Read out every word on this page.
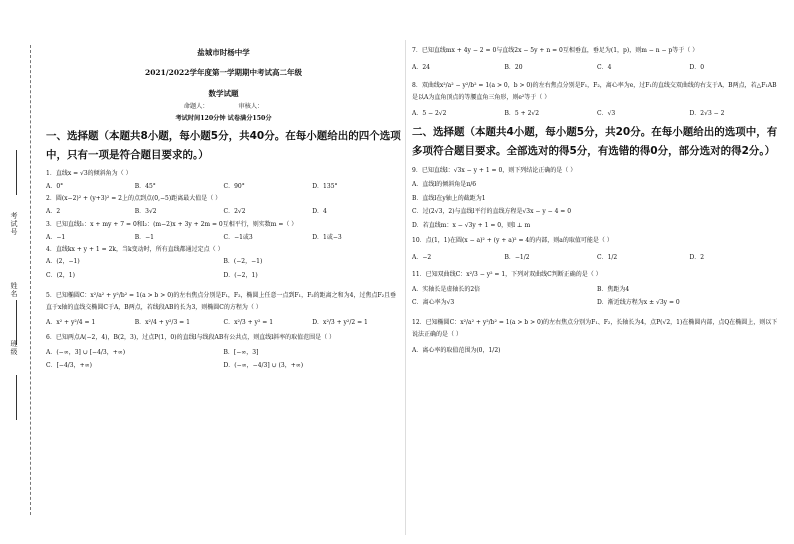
考试号
姓名
班级
盐城市时杨中学
2021/2022学年度第一学期期中考试高二年级
数学试题
命题人：	审核人：
考试时间120分钟 试卷满分150分
一、选择题（本题共8小题，每小题5分，共40分。在每小题给出的四个选项中，只有一项是符合题目要求的。）
1．直线x = √3的倾斜角为（ ）
A．0°	B．45°	C．90°	D．135°
2．圆(x−2)² + (y+3)² = 2上的点到点(0,−5)距离最大值是（ ）
A．2	B．3√2	C．2√2	D．4
3．已知直线l₁：x + my + 7 = 0和l₂：(m−2)x + 3y + 2m = 0互相平行，则实数m =（ ）
A．−1	B．−1	C．−1或3	D．1或−3
4．直线kx + y + 1 = 2k，当k变动时，所有直线都通过定点（ ）
A．(2，−1)	B．(−2，−1)
C．(2，1)	D．(−2，1)
5．已知椭圆C：x²/a² + y²/b² = 1(a > b > 0)的左右焦点分别是F₁，F₂，椭圆上任意一点到F₁，F₂的距离之和为4，过焦点F₂且垂直于x轴的直线交椭圆C于A，B两点，若线段AB的长为3，则椭圆C的方程为（ ）
A．x² + y²/4 = 1	B．x²/4 + y²/3 = 1	C．x²/3 + y² = 1	D．x²/3 + y²/2 = 1
6．已知两点A(−2，4)，B(2，3)，过点P(1，0)的直线l与线段AB有公共点，则直线l斜率的取值范围是（ ）
A．(−∞，3] ∪ [−4/3，+∞)	B．[−∞，3]
C．[−4/3，+∞)	D．(−∞，−4/3] ∪ (3，+∞)
7．已知直线mx + 4y − 2 = 0与直线2x − 5y + n = 0互相垂直，垂足为(1，p)，则m − n − p等于（ ）
A．24	B．20	C．4	D．0
8．双曲线x²/a² − y²/b² = 1(a > 0，b > 0)的左右焦点分别是F₁，F₂，离心率为e，过F₁的直线交双曲线的右支于A，B两点，若△F₁AB是以A为直角顶点的等腰直角三角形，则e²等于（ ）
A．5 − 2√2	B．5 + 2√2	C．√3	D．2√3 − 2
二、选择题（本题共4小题，每小题5分，共20分。在每小题给出的选项中，有多项符合题目要求。全部选对的得5分，有选错的得0分，部分选对的得2分。）
9．已知直线l：√3x − y + 1 = 0，则下列结论正确的是（ ）
A．直线l的倾斜角是π/6
B．直线l在y轴上的截距为1
C．过(2√3，2)与直线l平行的直线方程是√3x − y − 4 = 0
D．若直线m：x − √3y + 1 = 0，则l ⊥ m
10．点(1，1)在圆(x − a)² + (y + a)² = 4的内部，则a的取值可能是（ ）
A．−2	B．−1/2	C．1/2	D．2
11．已知双曲线C：x²/3 − y² = 1，下列对双曲线C判断正确的是（ ）
A．实轴长是虚轴长的2倍	B．焦距为4
C．离心率为√3	D．渐近线方程为x ± √3y = 0
12．已知椭圆C：x²/a² + y²/b² = 1(a > b > 0)的左右焦点分别为F₁、F₂，长轴长为4，点P(√2，1)在椭圆内部，点Q在椭圆上，则以下说法正确的是（ ）
A．离心率的取值范围为(0，1/2)
